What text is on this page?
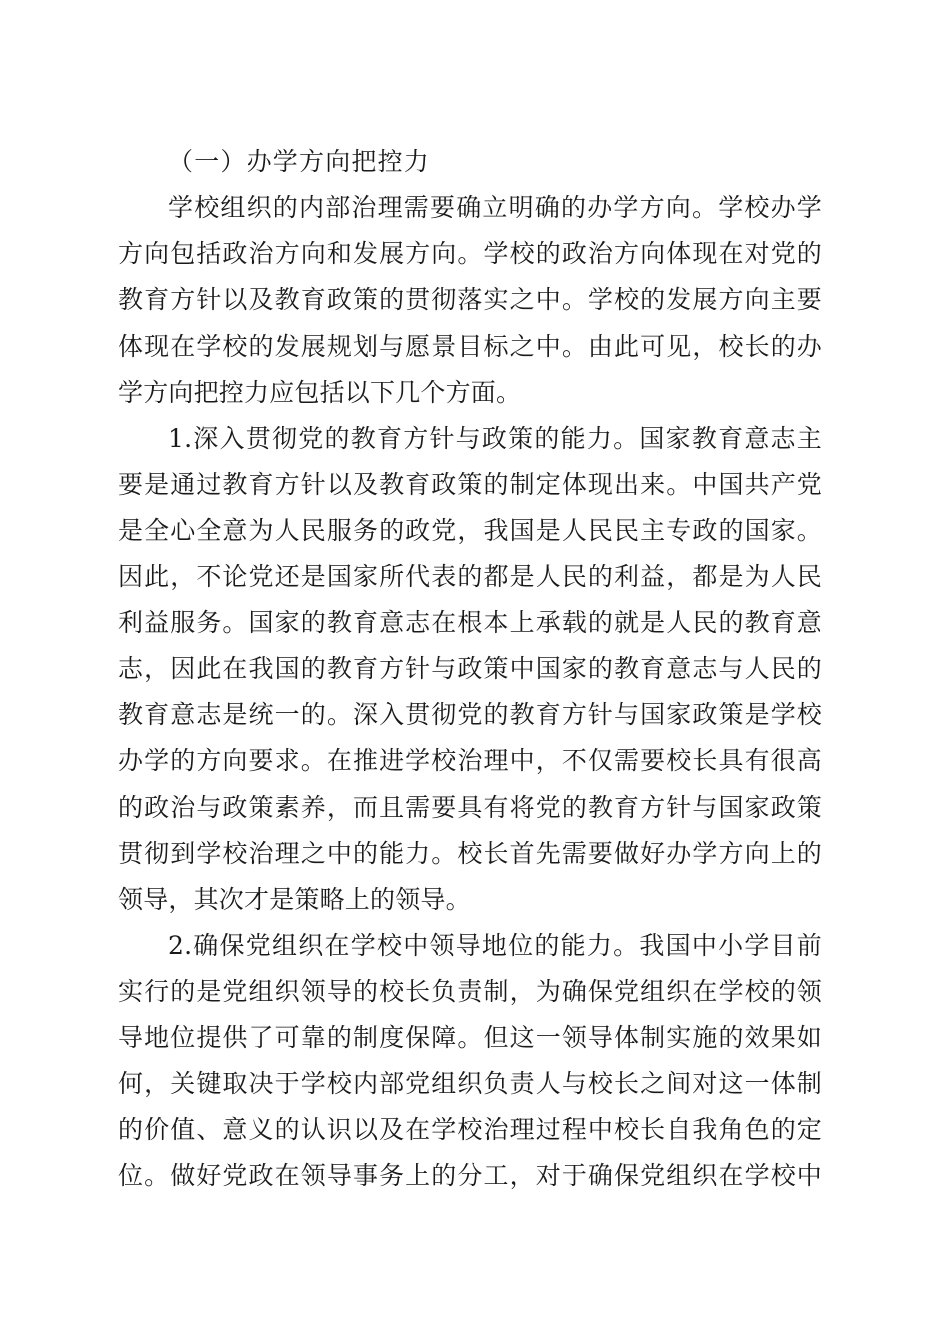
（一）办学方向把控力
学校组织的内部治理需要确立明确的办学方向。学校办学
方向包括政治方向和发展方向。学校的政治方向体现在对党的
教育方针以及教育政策的贯彻落实之中。学校的发展方向主要
体现在学校的发展规划与愿景目标之中。由此可见，校长的办
学方向把控力应包括以下几个方面。
1.深入贯彻党的教育方针与政策的能力。国家教育意志主
要是通过教育方针以及教育政策的制定体现出来。中国共产党
是全心全意为人民服务的政党，我国是人民民主专政的国家。
因此，不论党还是国家所代表的都是人民的利益，都是为人民
利益服务。国家的教育意志在根本上承载的就是人民的教育意
志，因此在我国的教育方针与政策中国家的教育意志与人民的
教育意志是统一的。深入贯彻党的教育方针与国家政策是学校
办学的方向要求。在推进学校治理中，不仅需要校长具有很高
的政治与政策素养，而且需要具有将党的教育方针与国家政策
贯彻到学校治理之中的能力。校长首先需要做好办学方向上的
领导，其次才是策略上的领导。
2.确保党组织在学校中领导地位的能力。我国中小学目前
实行的是党组织领导的校长负责制，为确保党组织在学校的领
导地位提供了可靠的制度保障。但这一领导体制实施的效果如
何，关键取决于学校内部党组织负责人与校长之间对这一体制
的价值、意义的认识以及在学校治理过程中校长自我角色的定
位。做好党政在领导事务上的分工，对于确保党组织在学校中
